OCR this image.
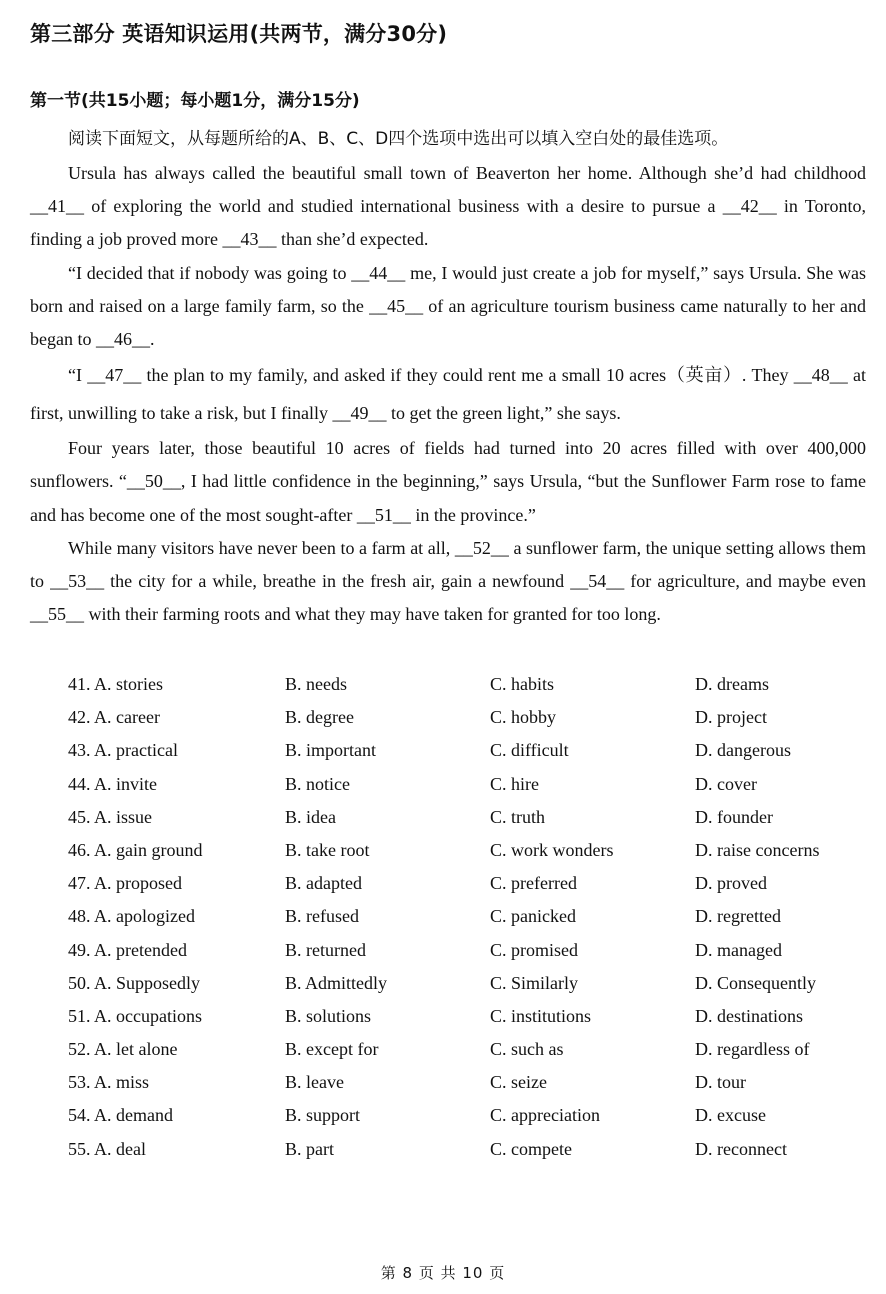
第三部分 英语知识运用(共两节，满分30分)
第一节(共15小题；每小题1分，满分15分)
阅读下面短文，从每题所给的A、B、C、D四个选项中选出可以填入空白处的最佳选项。

Ursula has always called the beautiful small town of Beaverton her home. Although she’d had childhood __41__ of exploring the world and studied international business with a desire to pursue a __42__ in Toronto, finding a job proved more __43__ than she’d expected.

“I decided that if nobody was going to __44__ me, I would just create a job for myself,” says Ursula. She was born and raised on a large family farm, so the __45__ of an agriculture tourism business came naturally to her and began to __46__.

“I __47__ the plan to my family, and asked if they could rent me a small 10 acres（英亩）. They __48__ at first, unwilling to take a risk, but I finally __49__ to get the green light,” she says.

Four years later, those beautiful 10 acres of fields had turned into 20 acres filled with over 400,000 sunflowers. “__50__, I had little confidence in the beginning,” says Ursula, “but the Sunflower Farm rose to fame and has become one of the most sought-after __51__ in the province.”

While many visitors have never been to a farm at all, __52__ a sunflower farm, the unique setting allows them to __53__ the city for a while, breathe in the fresh air, gain a newfound __54__ for agriculture, and maybe even __55__ with their farming roots and what they may have taken for granted for too long.

41. A. stories	B. needs	C. habits	D. dreams
42. A. career	B. degree	C. hobby	D. project
43. A. practical	B. important	C. difficult	D. dangerous
44. A. invite	B. notice	C. hire	D. cover
45. A. issue	B. idea	C. truth	D. founder
46. A. gain ground	B. take root	C. work wonders	D. raise concerns
47. A. proposed	B. adapted	C. preferred	D. proved
48. A. apologized	B. refused	C. panicked	D. regretted
49. A. pretended	B. returned	C. promised	D. managed
50. A. Supposedly	B. Admittedly	C. Similarly	D. Consequently
51. A. occupations	B. solutions	C. institutions	D. destinations
52. A. let alone	B. except for	C. such as	D. regardless of
53. A. miss	B. leave	C. seize	D. tour
54. A. demand	B. support	C. appreciation	D. excuse
55. A. deal	B. part	C. compete	D. reconnect
第 8 页 共 10 页
